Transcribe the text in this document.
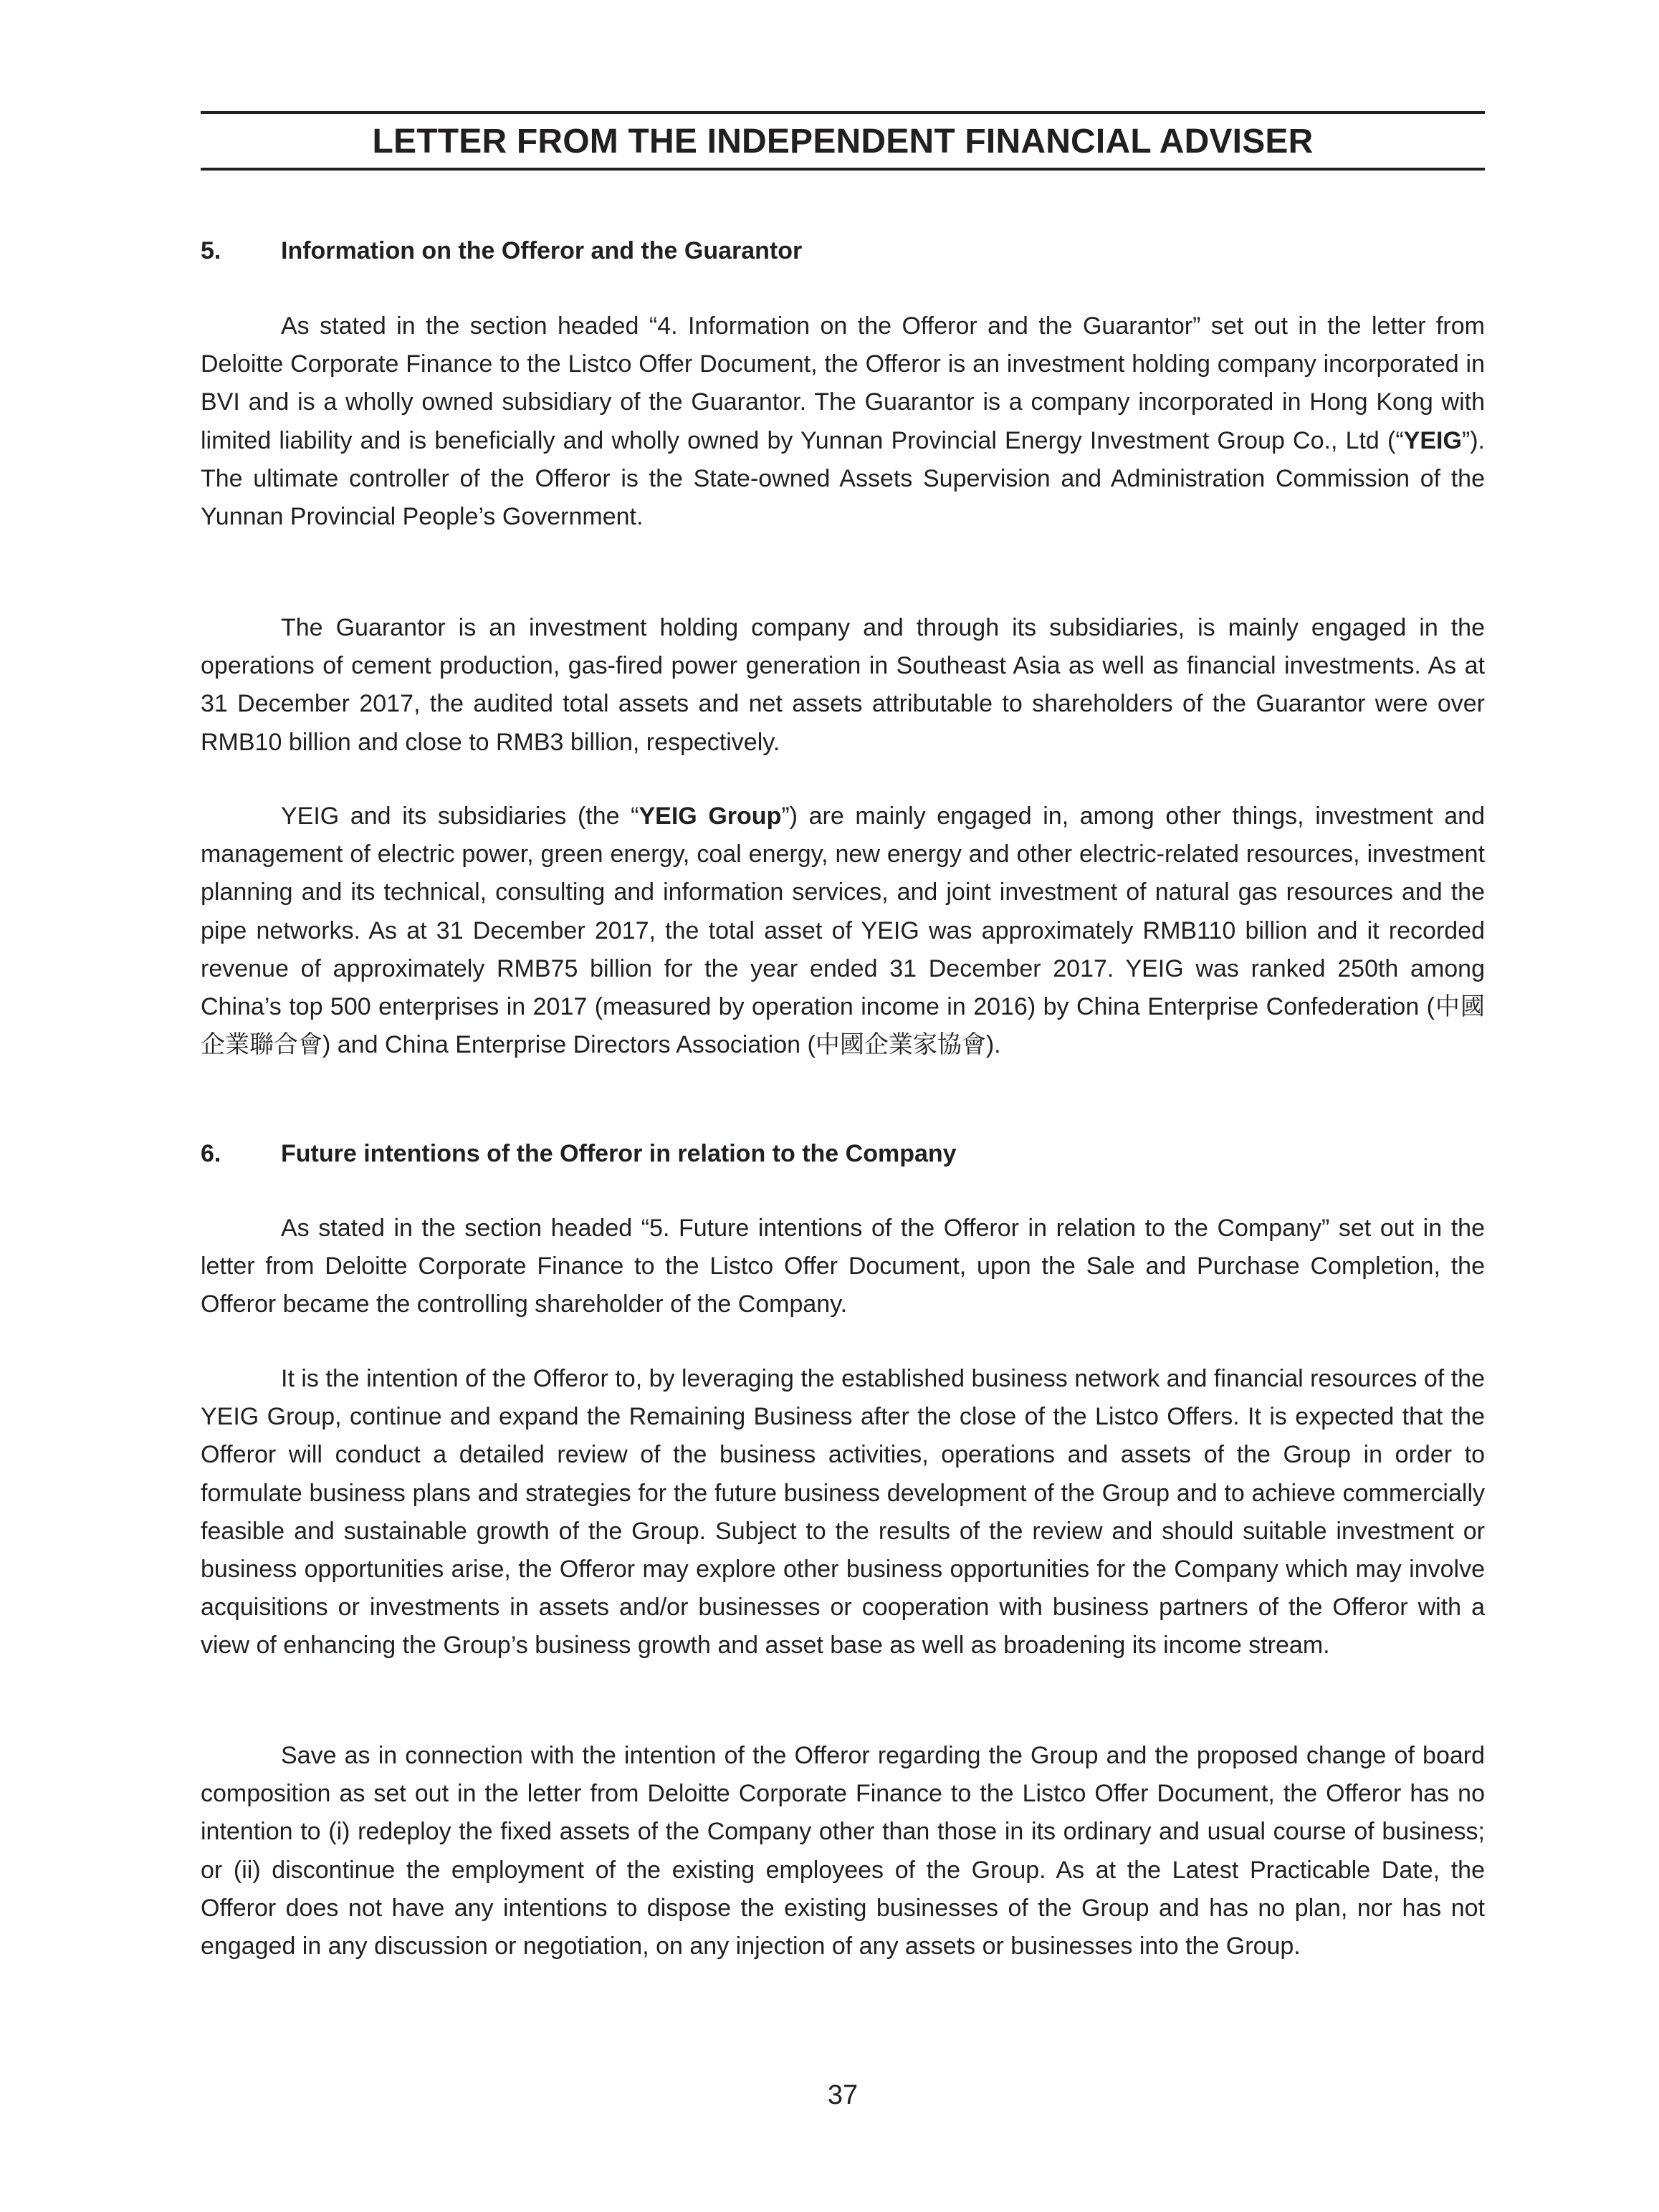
LETTER FROM THE INDEPENDENT FINANCIAL ADVISER
5. Information on the Offeror and the Guarantor

As stated in the section headed “4. Information on the Offeror and the Guarantor” set out in the letter from Deloitte Corporate Finance to the Listco Offer Document, the Offeror is an investment holding company incorporated in BVI and is a wholly owned subsidiary of the Guarantor. The Guarantor is a company incorporated in Hong Kong with limited liability and is beneficially and wholly owned by Yunnan Provincial Energy Investment Group Co., Ltd (“YEIG”). The ultimate controller of the Offeror is the State-owned Assets Supervision and Administration Commission of the Yunnan Provincial People’s Government.

The Guarantor is an investment holding company and through its subsidiaries, is mainly engaged in the operations of cement production, gas-fired power generation in Southeast Asia as well as financial investments. As at 31 December 2017, the audited total assets and net assets attributable to shareholders of the Guarantor were over RMB10 billion and close to RMB3 billion, respectively.

YEIG and its subsidiaries (the “YEIG Group”) are mainly engaged in, among other things, investment and management of electric power, green energy, coal energy, new energy and other electric-related resources, investment planning and its technical, consulting and information services, and joint investment of natural gas resources and the pipe networks. As at 31 December 2017, the total asset of YEIG was approximately RMB110 billion and it recorded revenue of approximately RMB75 billion for the year ended 31 December 2017. YEIG was ranked 250th among China’s top 500 enterprises in 2017 (measured by operation income in 2016) by China Enterprise Confederation (中國企業聯合會) and China Enterprise Directors Association (中國企業家協會).

6. Future intentions of the Offeror in relation to the Company

As stated in the section headed “5. Future intentions of the Offeror in relation to the Company” set out in the letter from Deloitte Corporate Finance to the Listco Offer Document, upon the Sale and Purchase Completion, the Offeror became the controlling shareholder of the Company.

It is the intention of the Offeror to, by leveraging the established business network and financial resources of the YEIG Group, continue and expand the Remaining Business after the close of the Listco Offers. It is expected that the Offeror will conduct a detailed review of the business activities, operations and assets of the Group in order to formulate business plans and strategies for the future business development of the Group and to achieve commercially feasible and sustainable growth of the Group. Subject to the results of the review and should suitable investment or business opportunities arise, the Offeror may explore other business opportunities for the Company which may involve acquisitions or investments in assets and/or businesses or cooperation with business partners of the Offeror with a view of enhancing the Group’s business growth and asset base as well as broadening its income stream.

Save as in connection with the intention of the Offeror regarding the Group and the proposed change of board composition as set out in the letter from Deloitte Corporate Finance to the Listco Offer Document, the Offeror has no intention to (i) redeploy the fixed assets of the Company other than those in its ordinary and usual course of business; or (ii) discontinue the employment of the existing employees of the Group. As at the Latest Practicable Date, the Offeror does not have any intentions to dispose the existing businesses of the Group and has no plan, nor has not engaged in any discussion or negotiation, on any injection of any assets or businesses into the Group.

37
